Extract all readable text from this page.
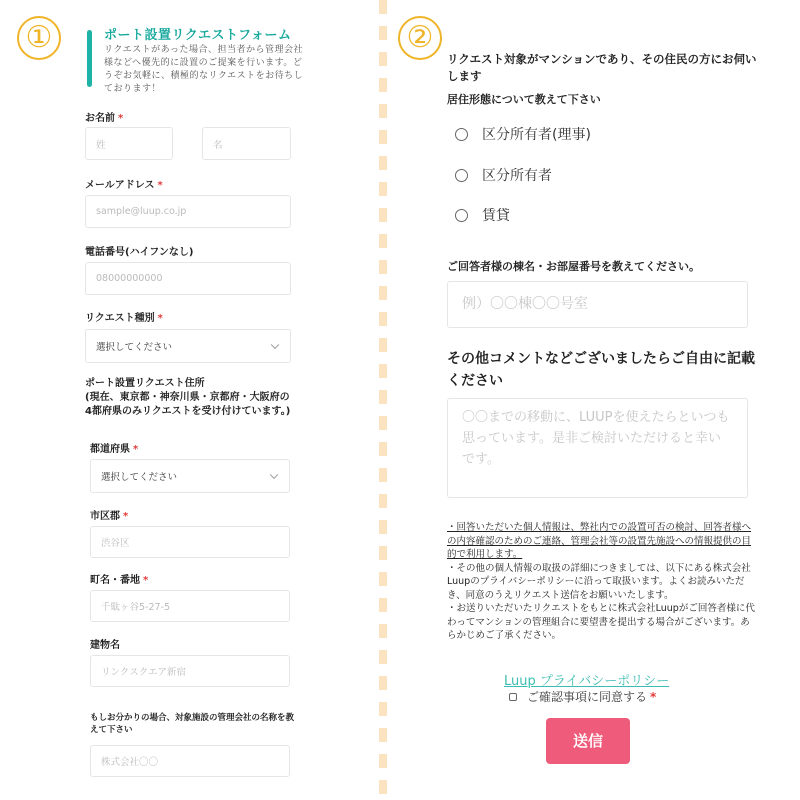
①	②
ポート設置リクエストフォーム
リクエストがあった場合、担当者から管理会社様などへ優先的に設置のご提案を行います。どうぞお気軽に、積極的なリクエストをお待ちしております！
お名前 *
姓	名
メールアドレス *
sample@luup.co.jp
電話番号(ハイフンなし)
08000000000
リクエスト種別 *
選択してください
ポート設置リクエスト住所
(現在、東京都・神奈川県・京都府・大阪府の4都府県のみリクエストを受け付けています。)
都道府県 *
選択してください
市区郡 *
渋谷区
町名・番地 *
千駄ヶ谷5-27-5
建物名
リンクスクエア新宿
もしお分かりの場合、対象施設の管理会社の名称を教えて下さい
株式会社〇〇
リクエスト対象がマンションであり、その住民の方にお伺いします
居住形態について教えて下さい
区分所有者(理事)
区分所有者
賃貸
ご回答者様の棟名・お部屋番号を教えてください。
例）〇〇棟〇〇号室
その他コメントなどございましたらご自由に記載ください
〇〇までの移動に、LUUPを使えたらといつも思っています。是非ご検討いただけると幸いです。
・回答いただいた個人情報は、弊社内での設置可否の検討、回答者様への内容確認のためのご連絡、管理会社等の設置先施設への情報提供の目的で利用します。
・その他の個人情報の取扱の詳細につきましては、以下にある株式会社Luupのプライバシーポリシーに沿って取扱います。よくお読みいただき、同意のうえリクエスト送信をお願いいたします。
・お送りいただいたリクエストをもとに株式会社Luupがご回答者様に代わってマンションの管理組合に要望書を提出する場合がございます。あらかじめご了承ください。
Luup プライバシーポリシー
ご確認事項に同意する *
送信
